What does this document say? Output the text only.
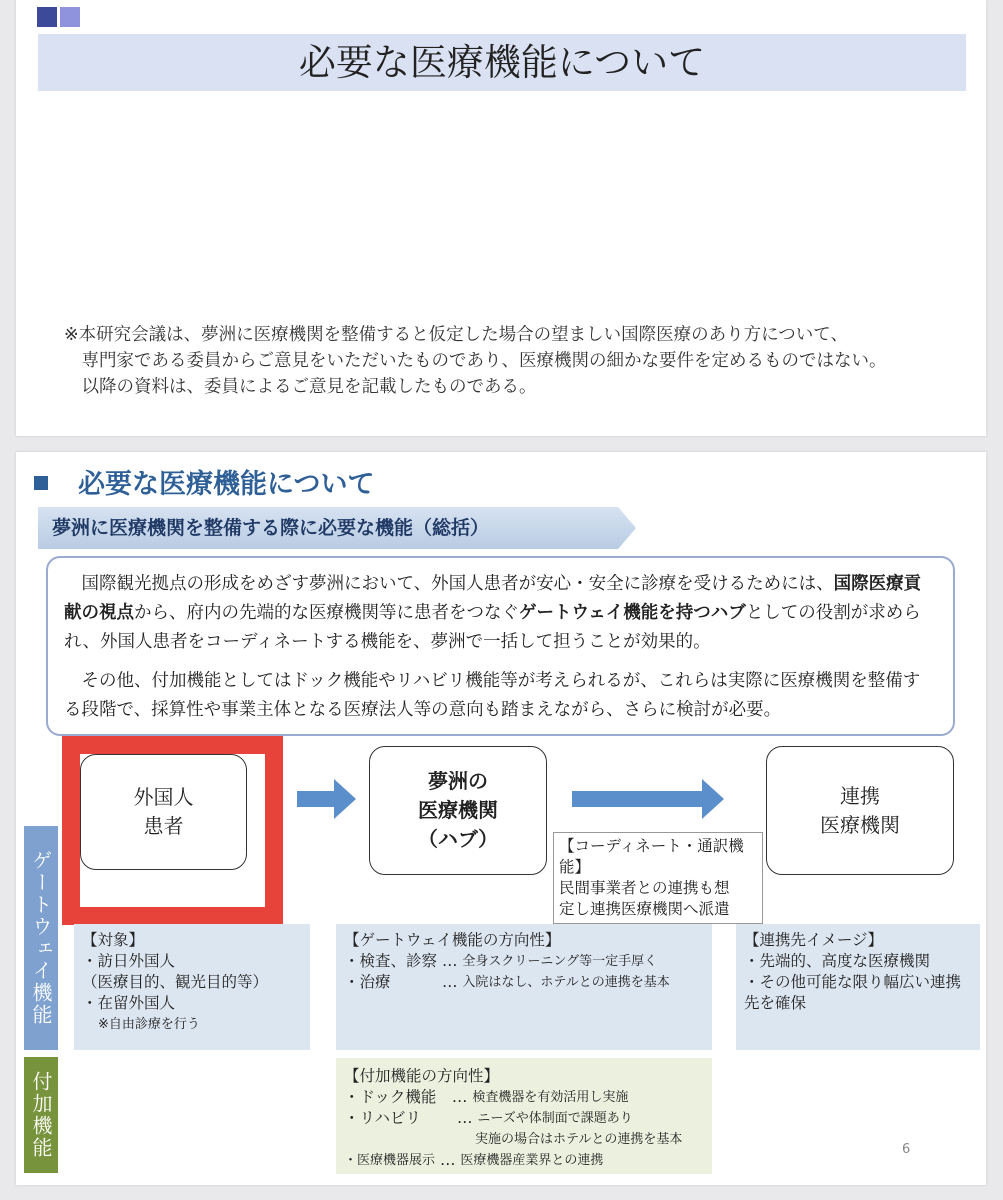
必要な医療機能について
※本研究会議は、夢洲に医療機関を整備すると仮定した場合の望ましい国際医療のあり方について、
　専門家である委員からご意見をいただいたものであり、医療機関の細かな要件を定めるものではない。
　以降の資料は、委員によるご意見を記載したものである。
必要な医療機能について
夢洲に医療機関を整備する際に必要な機能（総括）

国際観光拠点の形成をめざす夢洲において、外国人患者が安心・安全に診療を受けるためには、国際医療貢献の視点から、府内の先端的な医療機関等に患者をつなぐゲートウェイ機能を持つハブとしての役割が求められ、外国人患者をコーディネートする機能を、夢洲で一括して担うことが効果的。

その他、付加機能としてはドック機能やリハビリ機能等が考えられるが、これらは実際に医療機関を整備する段階で、採算性や事業主体となる医療法人等の意向も踏まえながら、さらに検討が必要。

外国人
患者
夢洲の
医療機関
（ハブ）	【コーディネート・通訳機能】
民間事業者との連携も想
定し連携医療機関へ派遣
連携
医療機関
ゲートウェイ機能
付加機能
【対象】
・訪日外国人
（医療目的、観光目的等）
・在留外国人
※自由診療を行う
【ゲートウェイ機能の方向性】
・検査、診察 … 全身スクリーニング等一定手厚く
・治療 　　　 … 入院はなし、ホテルとの連携を基本
【連携先イメージ】
・先端的、高度な医療機関
・その他可能な限り幅広い連携
先を確保
【付加機能の方向性】
・ドック機能 　… 検査機器を有効活用し実施
・リハビリ 　　 … ニーズや体制面で課題あり
実施の場合はホテルとの連携を基本
・医療機器展示 … 医療機器産業界との連携
6
